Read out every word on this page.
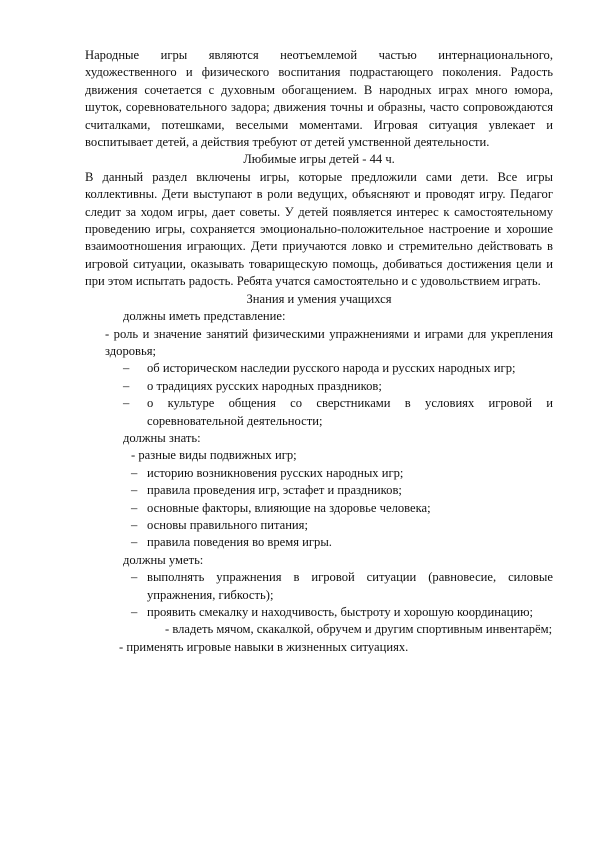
Народные игры являются неотъемлемой частью интернационального, художественного и физического воспитания подрастающего поколения. Радость движения сочетается с духовным обогащением. В народных играх много юмора, шуток, соревновательного задора; движения точны и образны, часто сопровождаются считалками, потешками, веселыми моментами. Игровая ситуация увлекает и воспитывает детей, а действия требуют от детей умственной деятельности.

Любимые игры детей - 44 ч.

В данный раздел включены игры, которые предложили сами дети. Все игры коллективны. Дети выступают в роли ведущих, объясняют и проводят игру. Педагог следит за ходом игры, дает советы. У детей появляется интерес к самостоятельному проведению игры, сохраняется эмоционально-положительное настроение и хорошие взаимоотношения играющих. Дети приучаются ловко и стремительно действовать в игровой ситуации, оказывать товарищескую помощь, добиваться достижения цели и при этом испытать радость. Ребята учатся самостоятельно и с удовольствием играть.

Знания и умения учащихся

должны иметь представление:

- роль и значение занятий физическими упражнениями и играми для укрепления здоровья;

– об историческом наследии русского народа и русских народных игр;

– о традициях русских народных праздников;

– о культуре общения со сверстниками в условиях игровой и соревновательной деятельности;

должны знать:

- разные виды подвижных игр;

– историю возникновения русских народных игр;

– правила проведения игр, эстафет и праздников;

– основные факторы, влияющие на здоровье человека;

– основы правильного питания;

– правила поведения во время игры.

должны уметь:

– выполнять упражнения в игровой ситуации (равновесие, силовые упражнения, гибкость);

– проявить смекалку и находчивость, быстроту и хорошую координацию;

- владеть мячом, скакалкой, обручем и другим спортивным инвентарём;

- применять игровые навыки в жизненных ситуациях.
